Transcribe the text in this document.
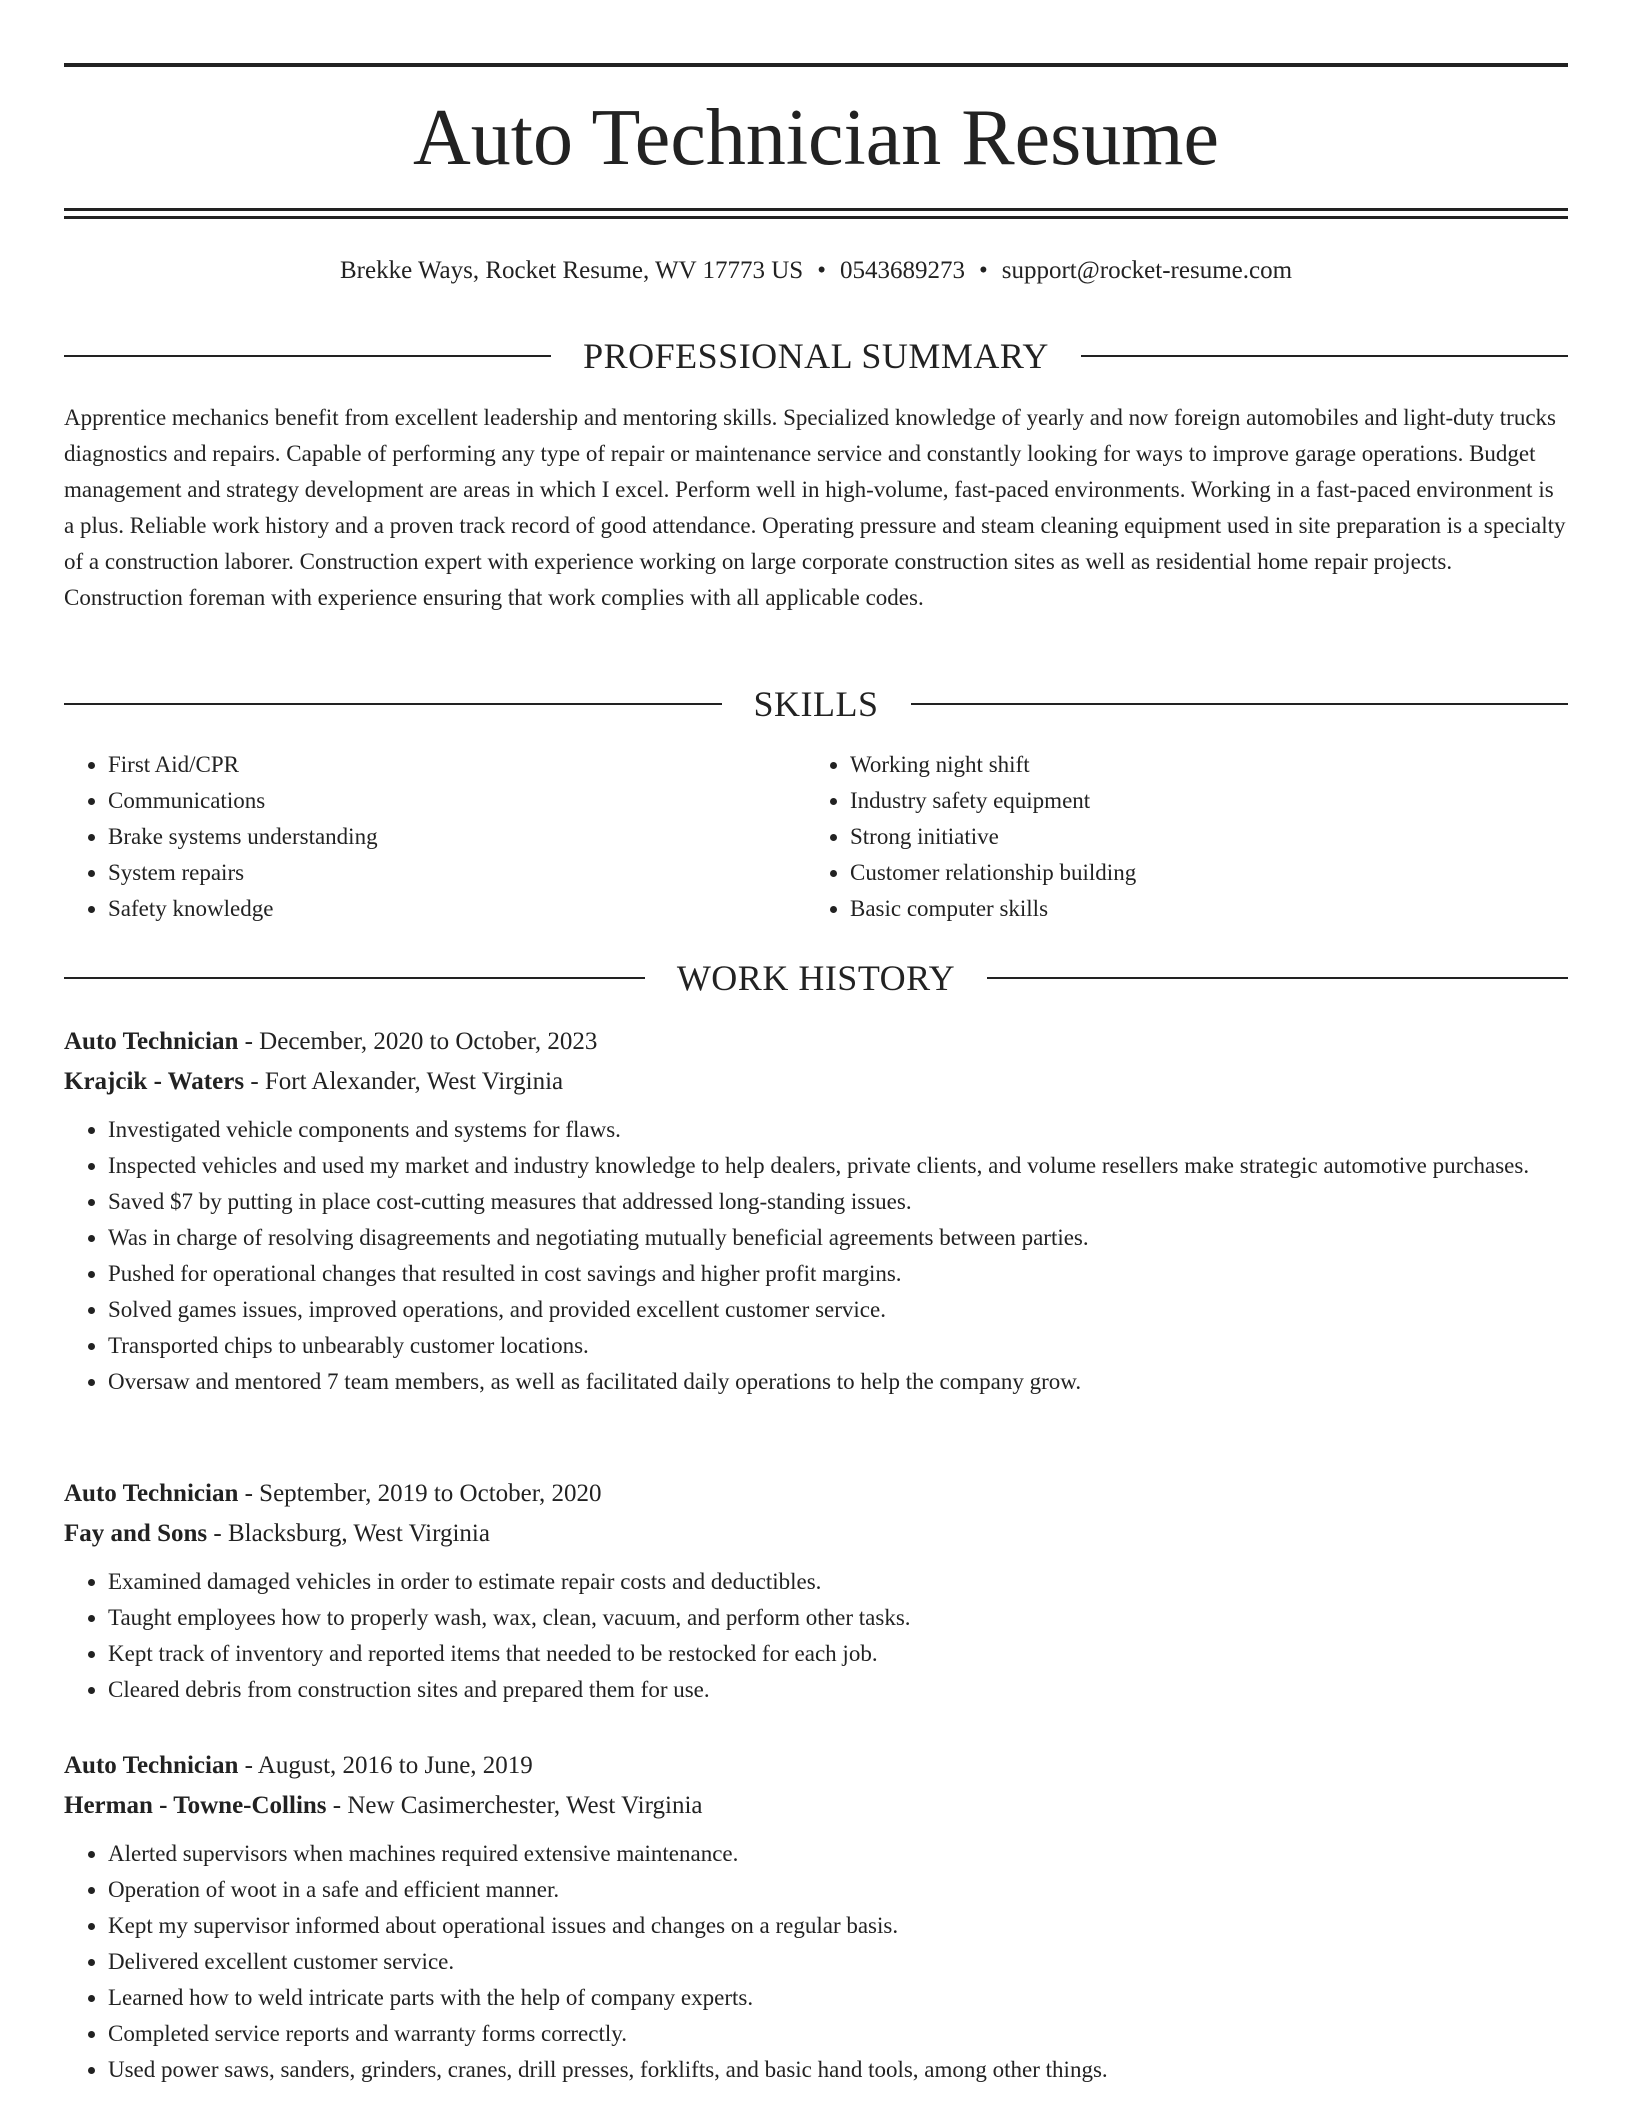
Auto Technician Resume
Brekke Ways, Rocket Resume, WV 17773 US • 0543689273 • support@rocket-resume.com
PROFESSIONAL SUMMARY

Apprentice mechanics benefit from excellent leadership and mentoring skills. Specialized knowledge of yearly and now foreign automobiles and light-duty trucks diagnostics and repairs. Capable of performing any type of repair or maintenance service and constantly looking for ways to improve garage operations. Budget management and strategy development are areas in which I excel. Perform well in high-volume, fast-paced environments. Working in a fast-paced environment is a plus. Reliable work history and a proven track record of good attendance. Operating pressure and steam cleaning equipment used in site preparation is a specialty of a construction laborer. Construction expert with experience working on large corporate construction sites as well as residential home repair projects. Construction foreman with experience ensuring that work complies with all applicable codes.

SKILLS
• First Aid/CPR
• Communications
• Brake systems understanding
• System repairs
• Safety knowledge
• Working night shift
• Industry safety equipment
• Strong initiative
• Customer relationship building
• Basic computer skills
WORK HISTORY
Auto Technician - December, 2020 to October, 2023
Krajcik - Waters - Fort Alexander, West Virginia
• Investigated vehicle components and systems for flaws.
• Inspected vehicles and used my market and industry knowledge to help dealers, private clients, and volume resellers make strategic automotive purchases.
• Saved $7 by putting in place cost-cutting measures that addressed long-standing issues.
• Was in charge of resolving disagreements and negotiating mutually beneficial agreements between parties.
• Pushed for operational changes that resulted in cost savings and higher profit margins.
• Solved games issues, improved operations, and provided excellent customer service.
• Transported chips to unbearably customer locations.
• Oversaw and mentored 7 team members, as well as facilitated daily operations to help the company grow.
Auto Technician - September, 2019 to October, 2020
Fay and Sons - Blacksburg, West Virginia
• Examined damaged vehicles in order to estimate repair costs and deductibles.
• Taught employees how to properly wash, wax, clean, vacuum, and perform other tasks.
• Kept track of inventory and reported items that needed to be restocked for each job.
• Cleared debris from construction sites and prepared them for use.
Auto Technician - August, 2016 to June, 2019
Herman - Towne-Collins - New Casimerchester, West Virginia
• Alerted supervisors when machines required extensive maintenance.
• Operation of woot in a safe and efficient manner.
• Kept my supervisor informed about operational issues and changes on a regular basis.
• Delivered excellent customer service.
• Learned how to weld intricate parts with the help of company experts.
• Completed service reports and warranty forms correctly.
• Used power saws, sanders, grinders, cranes, drill presses, forklifts, and basic hand tools, among other things.
